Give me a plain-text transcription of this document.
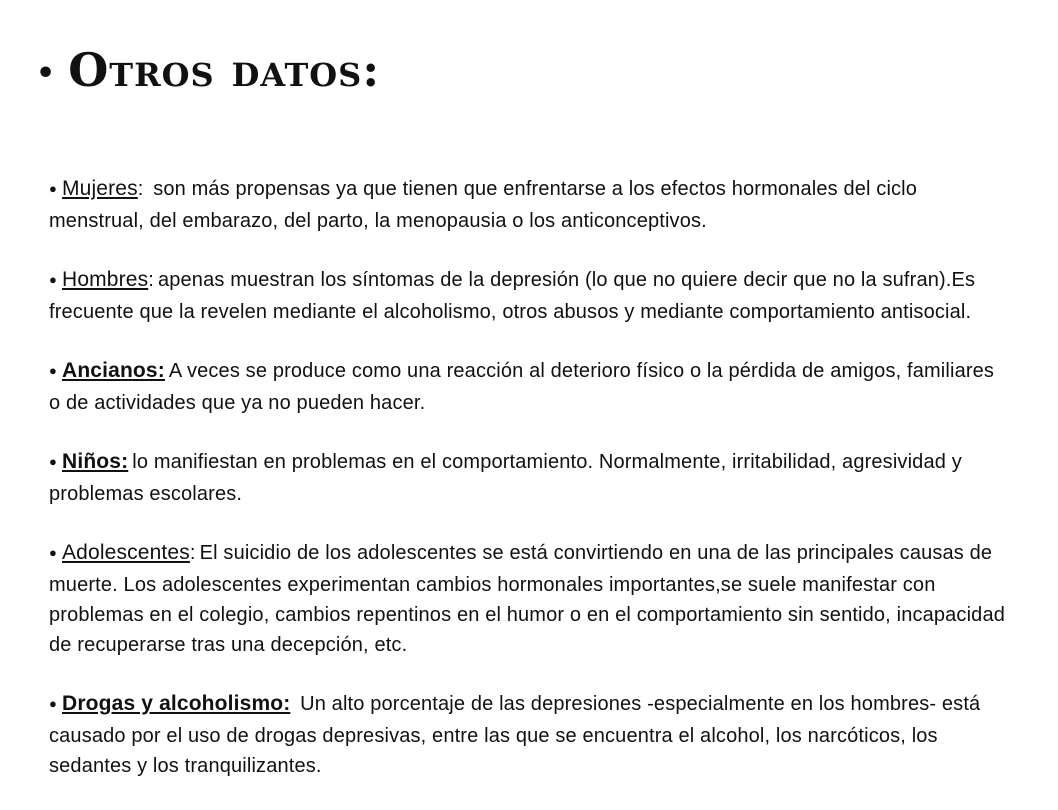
• Otros datos:

● Mujeres: son más propensas ya que tienen que enfrentarse a los efectos hormonales del ciclo menstrual, del embarazo, del parto, la menopausia o los anticonceptivos.

● Hombres: apenas muestran los síntomas de la depresión (lo que no quiere decir que no la sufran).Es frecuente que la revelen mediante el alcoholismo, otros abusos y mediante comportamiento antisocial.

● Ancianos: A veces se produce como una reacción al deterioro físico o la pérdida de amigos, familiares o de actividades que ya no pueden hacer.

● Niños: lo manifiestan en problemas en el comportamiento. Normalmente, irritabilidad, agresividad y problemas escolares.

● Adolescentes: El suicidio de los adolescentes se está convirtiendo en una de las principales causas de muerte. Los adolescentes experimentan cambios hormonales importantes,se suele manifestar con problemas en el colegio, cambios repentinos en el humor o en el comportamiento sin sentido, incapacidad de recuperarse tras una decepción, etc.

● Drogas y alcoholismo: Un alto porcentaje de las depresiones -especialmente en los hombres- está causado por el uso de drogas depresivas, entre las que se encuentra el alcohol, los narcóticos, los sedantes y los tranquilizantes.
